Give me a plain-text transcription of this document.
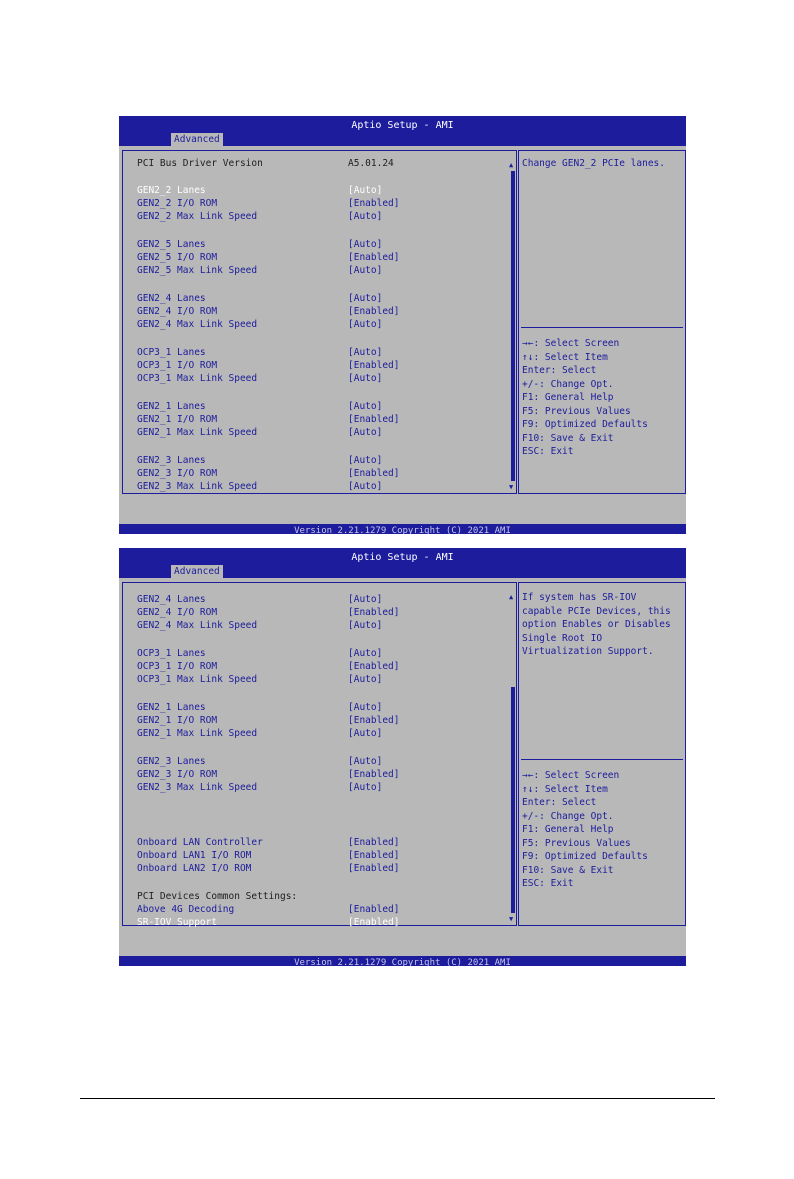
Aptio Setup - AMI
Advanced
PCI Bus Driver Version	A5.01.24
GEN2_2 Lanes	[Auto]
GEN2_2 I/O ROM	[Enabled]
GEN2_2 Max Link Speed	[Auto]
GEN2_5 Lanes	[Auto]
GEN2_5 I/O ROM	[Enabled]
GEN2_5 Max Link Speed	[Auto]
GEN2_4 Lanes	[Auto]
GEN2_4 I/O ROM	[Enabled]
GEN2_4 Max Link Speed	[Auto]
OCP3_1 Lanes	[Auto]
OCP3_1 I/O ROM	[Enabled]
OCP3_1 Max Link Speed	[Auto]
GEN2_1 Lanes	[Auto]
GEN2_1 I/O ROM	[Enabled]
GEN2_1 Max Link Speed	[Auto]
GEN2_3 Lanes	[Auto]
GEN2_3 I/O ROM	[Enabled]
GEN2_3 Max Link Speed	[Auto]
▲
▼
Change GEN2_2 PCIe lanes.
→←: Select Screen
↑↓: Select Item
Enter: Select
+/-: Change Opt.
F1: General Help
F5: Previous Values
F9: Optimized Defaults
F10: Save & Exit
ESC: Exit
Version 2.21.1279 Copyright (C) 2021 AMI
Aptio Setup - AMI
Advanced
GEN2_4 Lanes	[Auto]
GEN2_4 I/O ROM	[Enabled]
GEN2_4 Max Link Speed	[Auto]
OCP3_1 Lanes	[Auto]
OCP3_1 I/O ROM	[Enabled]
OCP3_1 Max Link Speed	[Auto]
GEN2_1 Lanes	[Auto]
GEN2_1 I/O ROM	[Enabled]
GEN2_1 Max Link Speed	[Auto]
GEN2_3 Lanes	[Auto]
GEN2_3 I/O ROM	[Enabled]
GEN2_3 Max Link Speed	[Auto]
Onboard LAN Controller	[Enabled]
Onboard LAN1 I/O ROM	[Enabled]
Onboard LAN2 I/O ROM	[Enabled]
PCI Devices Common Settings:
Above 4G Decoding	[Enabled]
SR-IOV Support	[Enabled]
▲
▼
If system has SR-IOV
capable PCIe Devices, this
option Enables or Disables
Single Root IO
Virtualization Support.
→←: Select Screen
↑↓: Select Item
Enter: Select
+/-: Change Opt.
F1: General Help
F5: Previous Values
F9: Optimized Defaults
F10: Save & Exit
ESC: Exit
Version 2.21.1279 Copyright (C) 2021 AMI
